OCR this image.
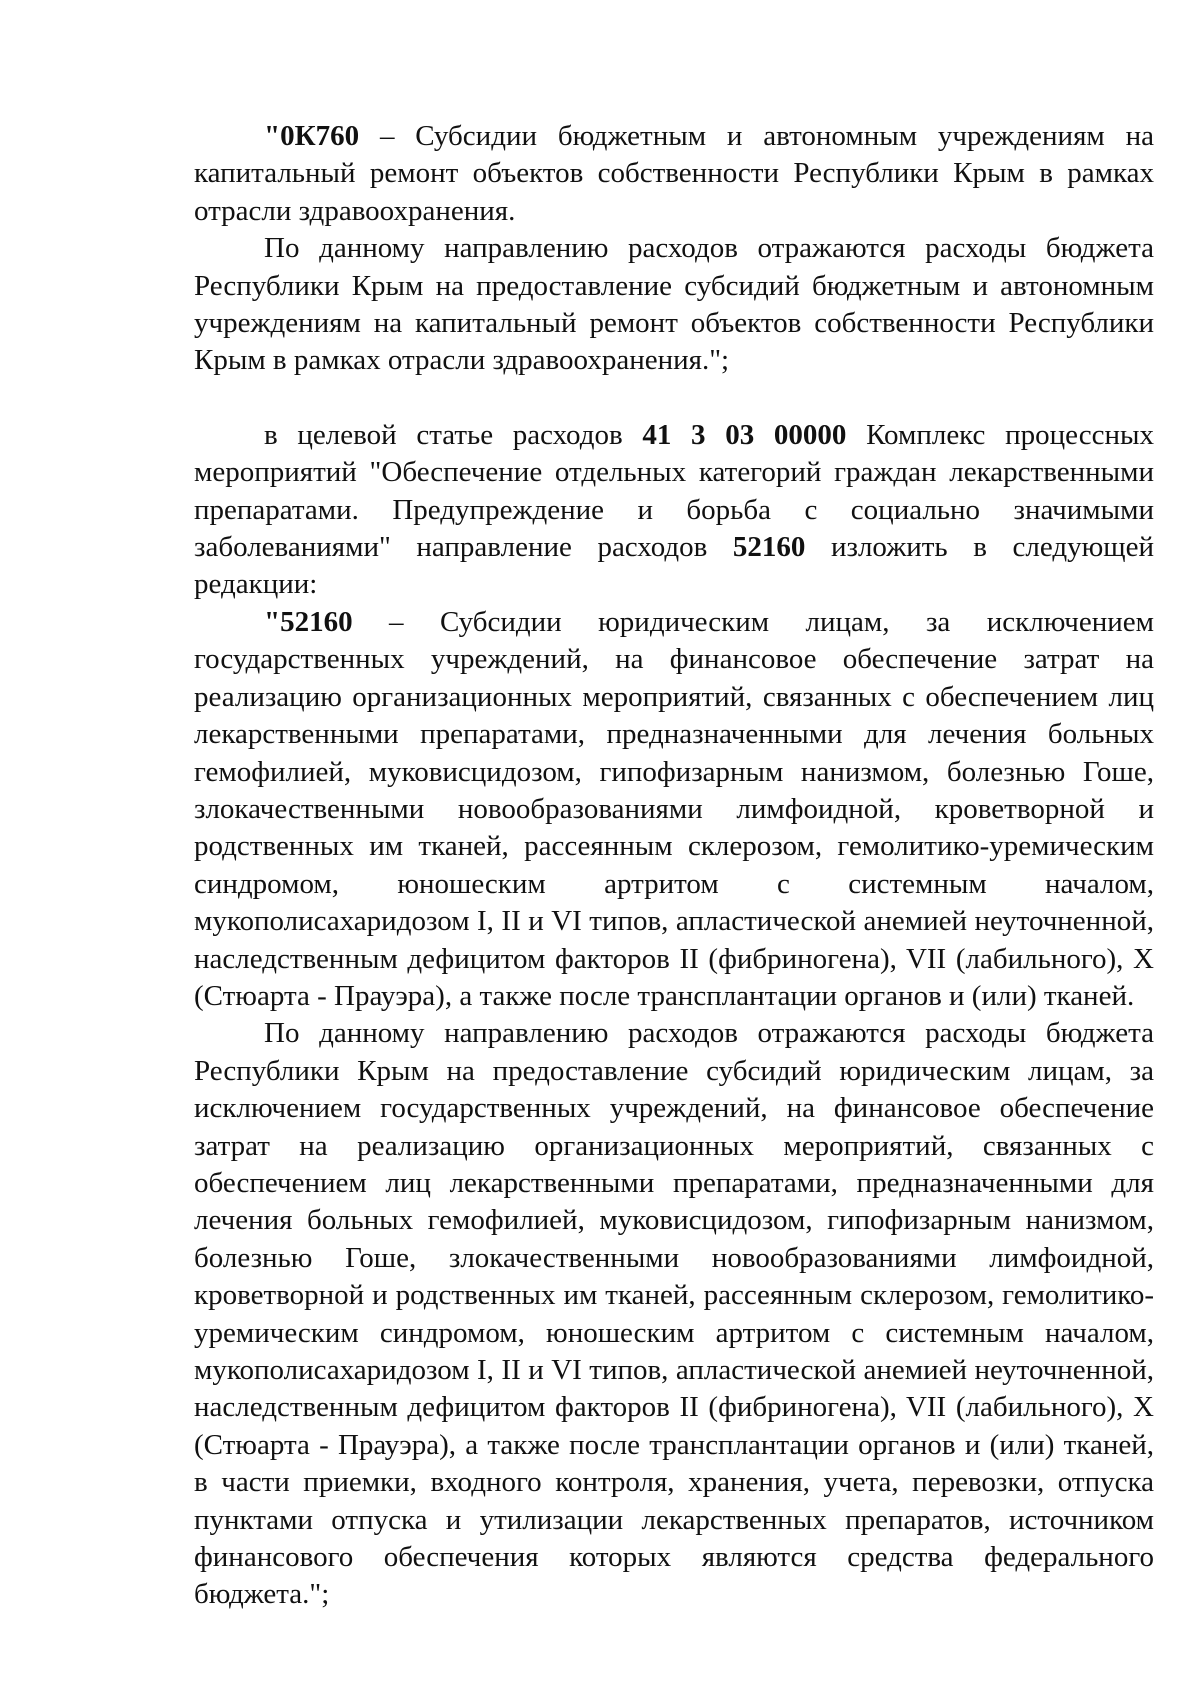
"0К760 – Субсидии бюджетным и автономным учреждениям на капитальный ремонт объектов собственности Республики Крым в рамках отрасли здравоохранения.

По данному направлению расходов отражаются расходы бюджета Республики Крым на предоставление субсидий бюджетным и автономным учреждениям на капитальный ремонт объектов собственности Республики Крым в рамках отрасли здравоохранения.";

в целевой статье расходов 41 3 03 00000 Комплекс процессных мероприятий "Обеспечение отдельных категорий граждан лекарственными препаратами. Предупреждение и борьба с социально значимыми заболеваниями" направление расходов 52160 изложить в следующей редакции:

"52160 – Субсидии юридическим лицам, за исключением государственных учреждений, на финансовое обеспечение затрат на реализацию организационных мероприятий, связанных с обеспечением лиц лекарственными препаратами, предназначенными для лечения больных гемофилией, муковисцидозом, гипофизарным нанизмом, болезнью Гоше, злокачественными новообразованиями лимфоидной, кроветворной и родственных им тканей, рассеянным склерозом, гемолитико-уремическим синдромом, юношеским артритом с системным началом, мукополисахаридозом I, II и VI типов, апластической анемией неуточненной, наследственным дефицитом факторов II (фибриногена), VII (лабильного), X (Стюарта - Прауэра), а также после трансплантации органов и (или) тканей.

По данному направлению расходов отражаются расходы бюджета Республики Крым на предоставление субсидий юридическим лицам, за исключением государственных учреждений, на финансовое обеспечение затрат на реализацию организационных мероприятий, связанных с обеспечением лиц лекарственными препаратами, предназначенными для лечения больных гемофилией, муковисцидозом, гипофизарным нанизмом, болезнью Гоше, злокачественными новообразованиями лимфоидной, кроветворной и родственных им тканей, рассеянным склерозом, гемолитико-уремическим синдромом, юношеским артритом с системным началом, мукополисахаридозом I, II и VI типов, апластической анемией неуточненной, наследственным дефицитом факторов II (фибриногена), VII (лабильного), X (Стюарта - Прауэра), а также после трансплантации органов и (или) тканей, в части приемки, входного контроля, хранения, учета, перевозки, отпуска пунктами отпуска и утилизации лекарственных препаратов, источником финансового обеспечения которых являются средства федерального бюджета.";
